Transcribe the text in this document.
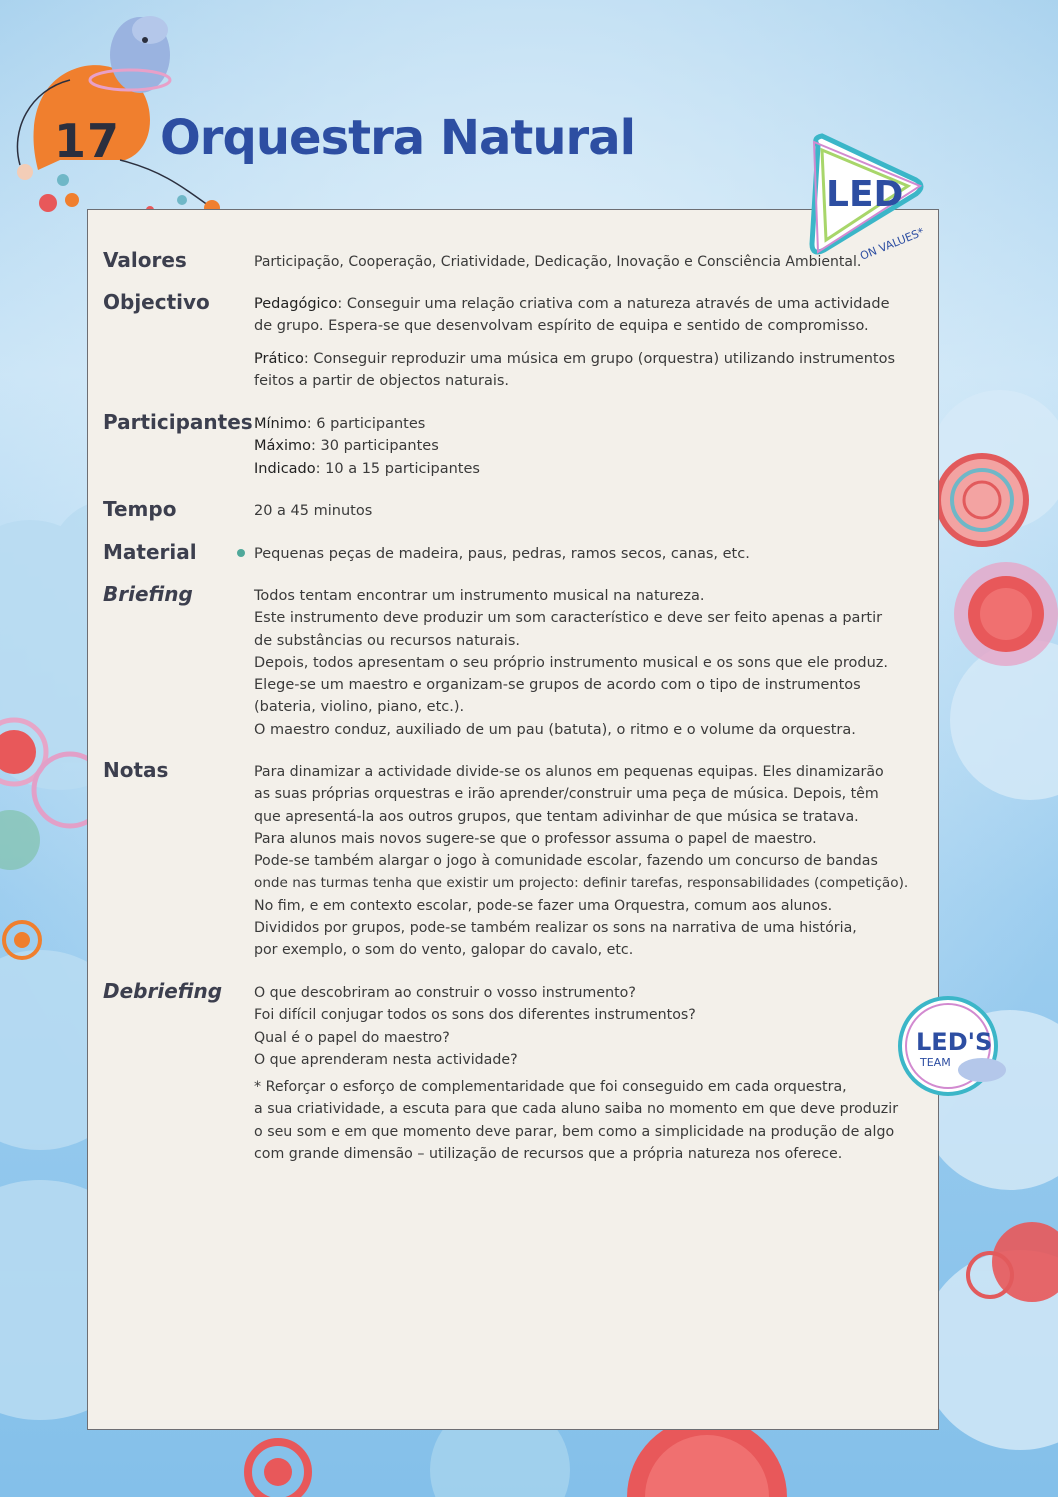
17 Orquestra Natural
LED
ON VALUES*
LED'S
TEAM
Valores	Participação, Cooperação, Criatividade, Dedicação, Inovação e Consciência Ambiental.
Objectivo	Pedagógico: Conseguir uma relação criativa com a natureza através de uma actividade
de grupo. Espera-se que desenvolvam espírito de equipa e sentido de compromisso.
Prático: Conseguir reproduzir uma música em grupo (orquestra) utilizando instrumentos
feitos a partir de objectos naturais.
Participantes Mínimo: 6 participantes
Máximo: 30 participantes
Indicado: 10 a 15 participantes
Tempo	20 a 45 minutos
Material	Pequenas peças de madeira, paus, pedras, ramos secos, canas, etc.
Briefing	Todos tentam encontrar um instrumento musical na natureza.
Este instrumento deve produzir um som característico e deve ser feito apenas a partir
de substâncias ou recursos naturais.
Depois, todos apresentam o seu próprio instrumento musical e os sons que ele produz.
Elege-se um maestro e organizam-se grupos de acordo com o tipo de instrumentos
(bateria, violino, piano, etc.).
O maestro conduz, auxiliado de um pau (batuta), o ritmo e o volume da orquestra.
Notas	Para dinamizar a actividade divide-se os alunos em pequenas equipas. Eles dinamizarão
as suas próprias orquestras e irão aprender/construir uma peça de música. Depois, têm
que apresentá-la aos outros grupos, que tentam adivinhar de que música se tratava.
Para alunos mais novos sugere-se que o professor assuma o papel de maestro.
Pode-se também alargar o jogo à comunidade escolar, fazendo um concurso de bandas
onde nas turmas tenha que existir um projecto: definir tarefas, responsabilidades (competição).
No fim, e em contexto escolar, pode-se fazer uma Orquestra, comum aos alunos.
Divididos por grupos, pode-se também realizar os sons na narrativa de uma história,
por exemplo, o som do vento, galopar do cavalo, etc.
Debriefing O que descobriram ao construir o vosso instrumento?
Foi difícil conjugar todos os sons dos diferentes instrumentos?
Qual é o papel do maestro?
O que aprenderam nesta actividade?
* Reforçar o esforço de complementaridade que foi conseguido em cada orquestra,
a sua criatividade, a escuta para que cada aluno saiba no momento em que deve produzir
o seu som e em que momento deve parar, bem como a simplicidade na produção de algo
com grande dimensão – utilização de recursos que a própria natureza nos oferece.
